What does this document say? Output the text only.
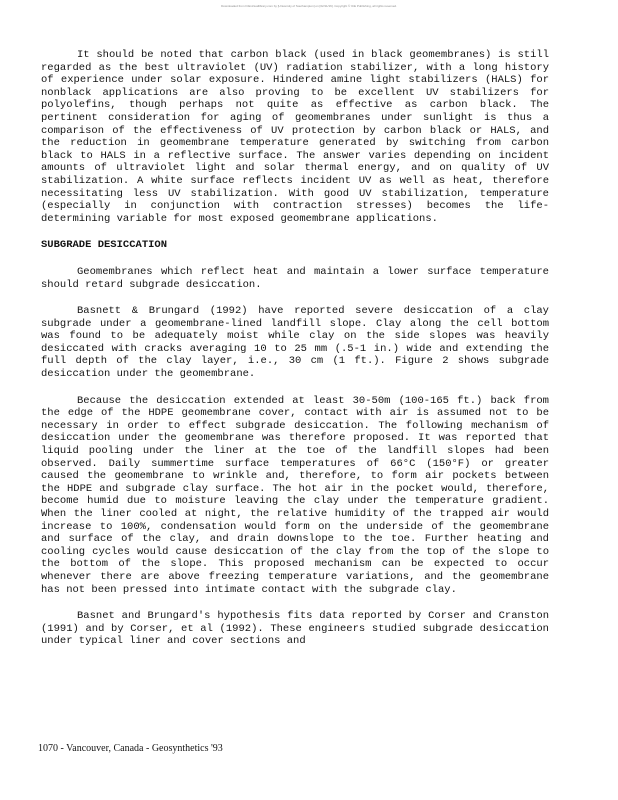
Downloaded from ICEvirtuallibrary.com by [University of Southampton] on [02/11/16]. Copyright © ICE Publishing, all rights reserved.

It should be noted that carbon black (used in black geomembranes) is still regarded as the best ultraviolet (UV) radiation stabilizer, with a long history of experience under solar exposure. Hindered amine light stabilizers (HALS) for nonblack applications are also proving to be excellent UV stabilizers for polyolefins, though perhaps not quite as effective as carbon black. The pertinent consideration for aging of geomembranes under sunlight is thus a comparison of the effectiveness of UV protection by carbon black or HALS, and the reduction in geomembrane temperature generated by switching from carbon black to HALS in a reflective surface. The answer varies depending on incident amounts of ultraviolet light and solar thermal energy, and on quality of UV stabilization. A white surface reflects incident UV as well as heat, therefore necessitating less UV stabilization. With good UV stabilization, temperature (especially in conjunction with contraction stresses) becomes the life-determining variable for most exposed geomembrane applications.

SUBGRADE DESICCATION

Geomembranes which reflect heat and maintain a lower surface temperature should retard subgrade desiccation.

Basnett & Brungard (1992) have reported severe desiccation of a clay subgrade under a geomembrane-lined landfill slope. Clay along the cell bottom was found to be adequately moist while clay on the side slopes was heavily desiccated with cracks averaging 10 to 25 mm (.5-1 in.) wide and extending the full depth of the clay layer, i.e., 30 cm (1 ft.). Figure 2 shows subgrade desiccation under the geomembrane.

Because the desiccation extended at least 30-50m (100-165 ft.) back from the edge of the HDPE geomembrane cover, contact with air is assumed not to be necessary in order to effect subgrade desiccation. The following mechanism of desiccation under the geomembrane was therefore proposed. It was reported that liquid pooling under the liner at the toe of the landfill slopes had been observed. Daily summertime surface temperatures of 66°C (150°F) or greater caused the geomembrane to wrinkle and, therefore, to form air pockets between the HDPE and subgrade clay surface. The hot air in the pocket would, therefore, become humid due to moisture leaving the clay under the temperature gradient. When the liner cooled at night, the relative humidity of the trapped air would increase to 100%, condensation would form on the underside of the geomembrane and surface of the clay, and drain downslope to the toe. Further heating and cooling cycles would cause desiccation of the clay from the top of the slope to the bottom of the slope. This proposed mechanism can be expected to occur whenever there are above freezing temperature variations, and the geomembrane has not been pressed into intimate contact with the subgrade clay.

Basnet and Brungard's hypothesis fits data reported by Corser and Cranston (1991) and by Corser, et al (1992). These engineers studied subgrade desiccation under typical liner and cover sections and

1070 - Vancouver, Canada - Geosynthetics '93
